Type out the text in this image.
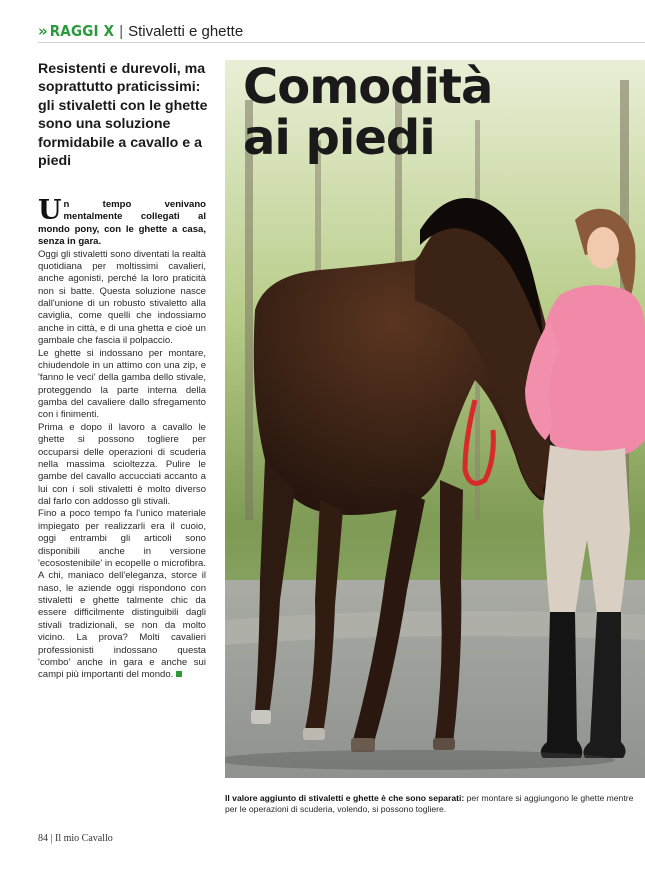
» RAGGI X | Stivaletti e ghette
Resistenti e durevoli, ma soprattutto praticissimi: gli stivaletti con le ghette sono una soluzione formidabile a cavallo e a piedi

Un tempo venivano mentalmente collegati al mondo pony, con le ghette a casa, senza in gara.

Oggi gli stivaletti sono diventati la realtà quotidiana per moltissimi cavalieri, anche agonisti, perché la loro praticità non si batte. Questa soluzione nasce dall'unione di un robusto stivaletto alla caviglia, come quelli che indossiamo anche in città, e di una ghetta e cioè un gambale che fascia il polpaccio.

Le ghette si indossano per montare, chiudendole in un attimo con una zip, e 'fanno le veci' della gamba dello stivale, proteggendo la parte interna della gamba del cavaliere dallo sfregamento con i finimenti.

Prima e dopo il lavoro a cavallo le ghette si possono togliere per occuparsi delle operazioni di scuderia nella massima scioltezza. Pulire le gambe del cavallo accucciati accanto a lui con i soli stivaletti è molto diverso dal farlo con addosso gli stivali.

Fino a poco tempo fa l'unico materiale impiegato per realizzarli era il cuoio, oggi entrambi gli articoli sono disponibili anche in versione 'ecosostenibile' in ecopelle o microfibra. A chi, maniaco dell'eleganza, storce il naso, le aziende oggi rispondono con stivaletti e ghette talmente chic da essere difficilmente distinguibili dagli stivali tradizionali, se non da molto vicino. La prova? Molti cavalieri professionisti indossano questa 'combo' anche in gara e anche sui campi più importanti del mondo.

Comodità
ai piedi
Il valore aggiunto di stivaletti e ghette è che sono separati: per montare si aggiungono le ghette mentre per le operazioni di scuderia, volendo, si possono togliere.
84 | Il mio Cavallo
